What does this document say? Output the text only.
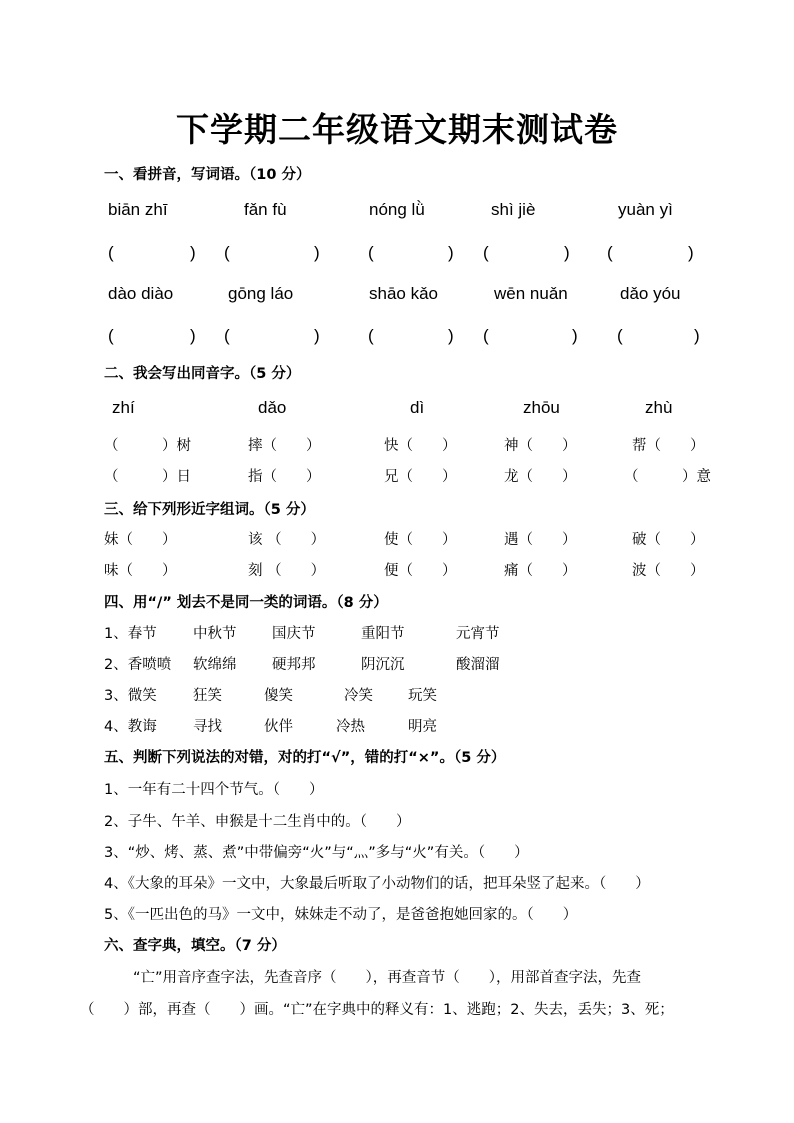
下学期二年级语文期末测试卷
一、看拼音，写词语。（10 分）
biān zhī	fǎn fù	nóng lǜ	shì jiè	yuàn yì
(	) (	)	(	) (	) (	)
dào diào	gōng láo	shāo kǎo	wēn nuǎn	dǎo yóu
(	) (	)	(	) (	) (	)
二、我会写出同音字。（5 分）
zhí	dǎo	dì	zhōu	zhù
（　　　）树	摔（　　）	快（　　）	神（　　）	帮（　　）
（　　　）日	指（　　）	兄（　　）	龙（　　）	（　　　）意
三、给下列形近字组词。（5 分）
妹（　　）	该 （　　）	使（　　）	遇（　　）	破（　　）
味（　　）	刻 （　　）	便（　　）	痛（　　）	波（　　）
四、用“/” 划去不是同一类的词语。（8 分）
1、春节	中秋节 国庆节	重阳节	元宵节
2、香喷喷 软绵绵 硬邦邦	阴沉沉	酸溜溜
3、微笑	狂笑	傻笑	冷笑 玩笑
4、教诲	寻找	伙伴	冷热	明亮
五、判断下列说法的对错，对的打“√”，错的打“×”。（5 分）
1、一年有二十四个节气。（　　）
2、子牛、午羊、申猴是十二生肖中的。（　　）
3、“炒、烤、蒸、煮”中带偏旁“火”与“灬”多与“火”有关。（　　）
4、《大象的耳朵》一文中，大象最后听取了小动物们的话，把耳朵竖了起来。（　　）
5、《一匹出色的马》一文中，妹妹走不动了，是爸爸抱她回家的。（　　）
六、查字典，填空。（7 分）
“亡”用音序查字法，先查音序（　　），再查音节（　　），用部首查字法，先查
（　　）部，再查（　　）画。“亡”在字典中的释义有：1、逃跑；2、失去，丢失；3、死；
